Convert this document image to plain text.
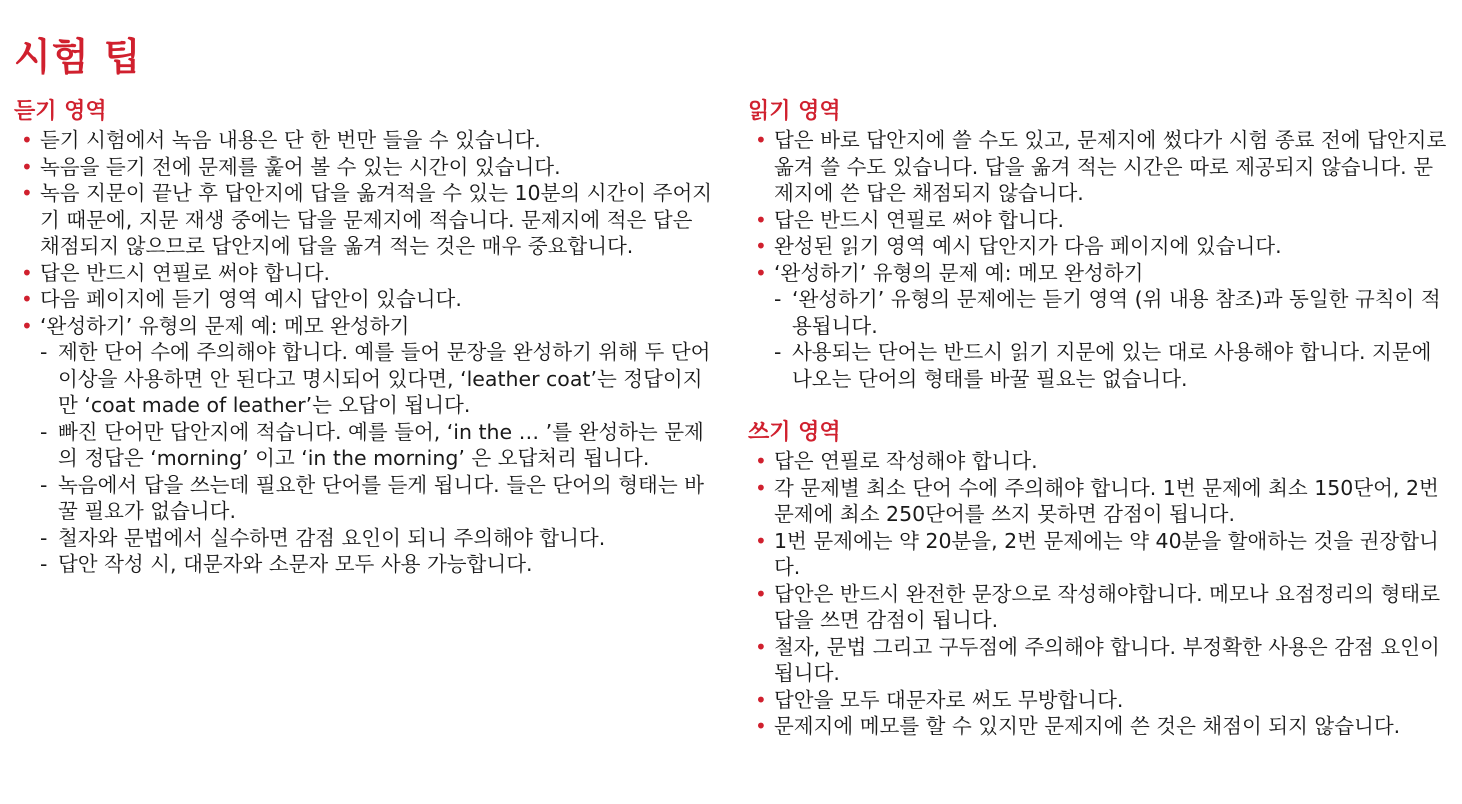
시험 팁
듣기 영역
• 듣기 시험에서 녹음 내용은 단 한 번만 들을 수 있습니다.
• 녹음을 듣기 전에 문제를 훑어 볼 수 있는 시간이 있습니다.
• 녹음 지문이 끝난 후 답안지에 답을 옮겨적을 수 있는 10분의 시간이 주어지기 때문에, 지문 재생 중에는 답을 문제지에 적습니다. 문제지에 적은 답은 채점되지 않으므로 답안지에 답을 옮겨 적는 것은 매우 중요합니다.
• 답은 반드시 연필로 써야 합니다.
• 다음 페이지에 듣기 영역 예시 답안이 있습니다.
• ‘완성하기’ 유형의 문제 예: 메모 완성하기
- 제한 단어 수에 주의해야 합니다. 예를 들어 문장을 완성하기 위해 두 단어 이상을 사용하면 안 된다고 명시되어 있다면, ‘leather coat’는 정답이지만 ‘coat made of leather’는 오답이 됩니다.
- 빠진 단어만 답안지에 적습니다. 예를 들어, ‘in the … ’를 완성하는 문제의 정답은 ‘morning’ 이고 ‘in the morning’ 은 오답처리 됩니다.
- 녹음에서 답을 쓰는데 필요한 단어를 듣게 됩니다. 들은 단어의 형태는 바꿀 필요가 없습니다.
- 철자와 문법에서 실수하면 감점 요인이 되니 주의해야 합니다.
- 답안 작성 시, 대문자와 소문자 모두 사용 가능합니다.
읽기 영역
• 답은 바로 답안지에 쓸 수도 있고, 문제지에 썼다가 시험 종료 전에 답안지로 옮겨 쓸 수도 있습니다. 답을 옮겨 적는 시간은 따로 제공되지 않습니다. 문제지에 쓴 답은 채점되지 않습니다.
• 답은 반드시 연필로 써야 합니다.
• 완성된 읽기 영역 예시 답안지가 다음 페이지에 있습니다.
• ‘완성하기’ 유형의 문제 예: 메모 완성하기
- ‘완성하기’ 유형의 문제에는 듣기 영역 (위 내용 참조)과 동일한 규칙이 적용됩니다.
- 사용되는 단어는 반드시 읽기 지문에 있는 대로 사용해야 합니다. 지문에 나오는 단어의 형태를 바꿀 필요는 없습니다.
쓰기 영역
• 답은 연필로 작성해야 합니다.
• 각 문제별 최소 단어 수에 주의해야 합니다. 1번 문제에 최소 150단어, 2번 문제에 최소 250단어를 쓰지 못하면 감점이 됩니다.
• 1번 문제에는 약 20분을, 2번 문제에는 약 40분을 할애하는 것을 권장합니다.
• 답안은 반드시 완전한 문장으로 작성해야합니다. 메모나 요점정리의 형태로 답을 쓰면 감점이 됩니다.
• 철자, 문법 그리고 구두점에 주의해야 합니다. 부정확한 사용은 감점 요인이 됩니다.
• 답안을 모두 대문자로 써도 무방합니다.
• 문제지에 메모를 할 수 있지만 문제지에 쓴 것은 채점이 되지 않습니다.
